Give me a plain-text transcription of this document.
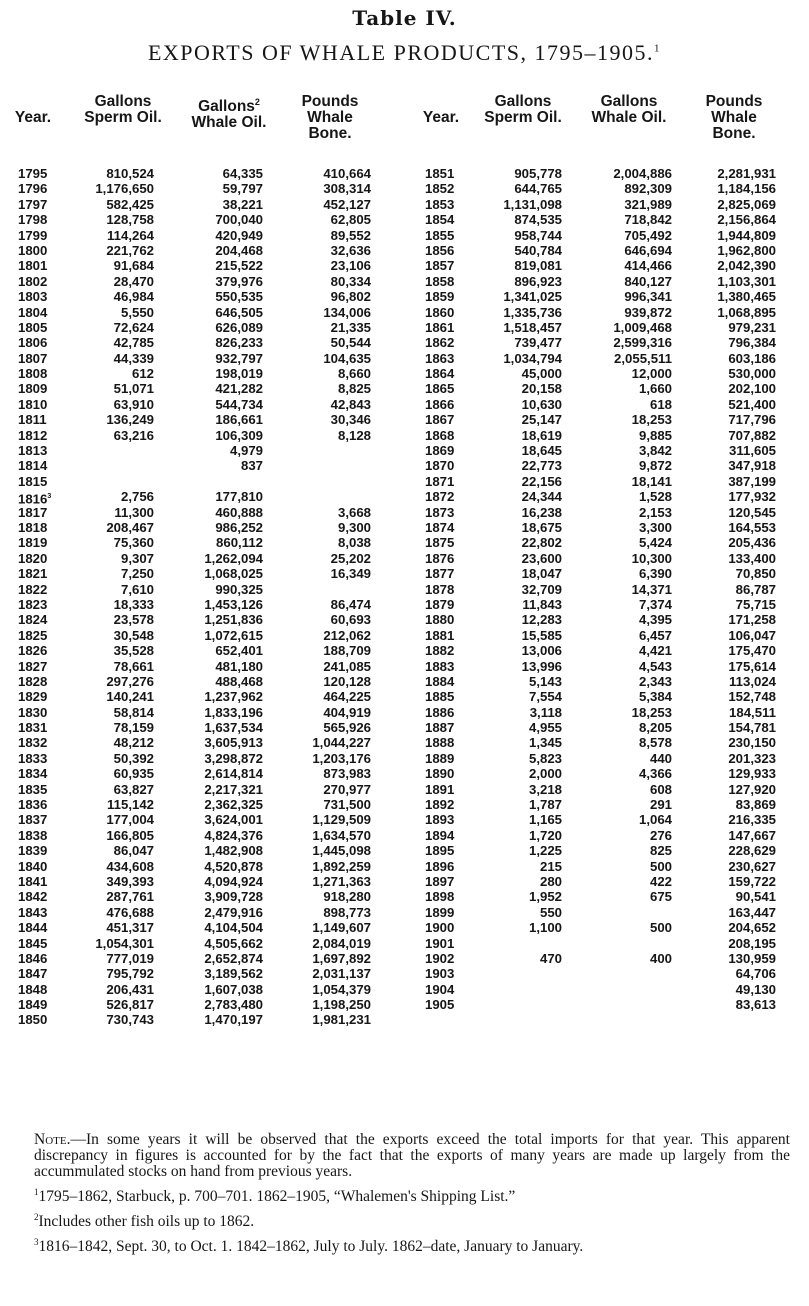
Table IV.
EXPORTS OF WHALE PRODUCTS, 1795–1905.$^1$
Year.
Gallons
Sperm Oil.
Gallons$^2$
Whale Oil.
Pounds
Whale
Bone.
Year.
Gallons
Sperm Oil.
Gallons
Whale Oil.
Pounds
Whale
Bone.
1795
1796
1797
1798
1799
1800
1801
1802
1803
1804
1805
1806
1807
1808
1809
1810
1811
1812
1813
1814
1815
1816$^3$
1817
1818
1819
1820
1821
1822
1823
1824
1825
1826
1827
1828
1829
1830
1831
1832
1833
1834
1835
1836
1837
1838
1839
1840
1841
1842
1843
1844
1845
1846
1847
1848
1849
1850
810,524
1,176,650
582,425
128,758
114,264
221,762
91,684
28,470
46,984
5,550
72,624
42,785
44,339
612
51,071
63,910
136,249
63,216
2,756
11,300
208,467
75,360
9,307
7,250
7,610
18,333
23,578
30,548
35,528
78,661
297,276
140,241
58,814
78,159
48,212
50,392
60,935
63,827
115,142
177,004
166,805
86,047
434,608
349,393
287,761
476,688
451,317
1,054,301
777,019
795,792
206,431
526,817
730,743
64,335
59,797
38,221
700,040
420,949
204,468
215,522
379,976
550,535
646,505
626,089
826,233
932,797
198,019
421,282
544,734
186,661
106,309
4,979
837
177,810
460,888
986,252
860,112
1,262,094
1,068,025
990,325
1,453,126
1,251,836
1,072,615
652,401
481,180
488,468
1,237,962
1,833,196
1,637,534
3,605,913
3,298,872
2,614,814
2,217,321
2,362,325
3,624,001
4,824,376
1,482,908
4,520,878
4,094,924
3,909,728
2,479,916
4,104,504
4,505,662
2,652,874
3,189,562
1,607,038
2,783,480
1,470,197
410,664
308,314
452,127
62,805
89,552
32,636
23,106
80,334
96,802
134,006
21,335
50,544
104,635
8,660
8,825
42,843
30,346
8,128
3,668
9,300
8,038
25,202
16,349
86,474
60,693
212,062
188,709
241,085
120,128
464,225
404,919
565,926
1,044,227
1,203,176
873,983
270,977
731,500
1,129,509
1,634,570
1,445,098
1,892,259
1,271,363
918,280
898,773
1,149,607
2,084,019
1,697,892
2,031,137
1,054,379
1,198,250
1,981,231
1851
1852
1853
1854
1855
1856
1857
1858
1859
1860
1861
1862
1863
1864
1865
1866
1867
1868
1869
1870
1871
1872
1873
1874
1875
1876
1877
1878
1879
1880
1881
1882
1883
1884
1885
1886
1887
1888
1889
1890
1891
1892
1893
1894
1895
1896
1897
1898
1899
1900
1901
1902
1903
1904
1905
905,778
644,765
1,131,098
874,535
958,744
540,784
819,081
896,923
1,341,025
1,335,736
1,518,457
739,477
1,034,794
45,000
20,158
10,630
25,147
18,619
18,645
22,773
22,156
24,344
16,238
18,675
22,802
23,600
18,047
32,709
11,843
12,283
15,585
13,006
13,996
5,143
7,554
3,118
4,955
1,345
5,823
2,000
3,218
1,787
1,165
1,720
1,225
215
280
1,952
550
1,100
470
2,004,886
892,309
321,989
718,842
705,492
646,694
414,466
840,127
996,341
939,872
1,009,468
2,599,316
2,055,511
12,000
1,660
618
18,253
9,885
3,842
9,872
18,141
1,528
2,153
3,300
5,424
10,300
6,390
14,371
7,374
4,395
6,457
4,421
4,543
2,343
5,384
18,253
8,205
8,578
440
4,366
608
291
1,064
276
825
500
422
675
500
400
2,281,931
1,184,156
2,825,069
2,156,864
1,944,809
1,962,800
2,042,390
1,103,301
1,380,465
1,068,895
979,231
796,384
603,186
530,000
202,100
521,400
717,796
707,882
311,605
347,918
387,199
177,932
120,545
164,553
205,436
133,400
70,850
86,787
75,715
171,258
106,047
175,470
175,614
113,024
152,748
184,511
154,781
230,150
201,323
129,933
127,920
83,869
216,335
147,667
228,629
230,627
159,722
90,541
163,447
204,652
208,195
130,959
64,706
49,130
83,613

Note.—In some years it will be observed that the exports exceed the total imports for that year. This apparent discrepancy in figures is accounted for by the fact that the exports of many years are made up largely from the accummulated stocks on hand from previous years.

$^1$1795–1862, Starbuck, p. 700–701. 1862–1905, “Whalemen's Shipping List.”

$^2$Includes other fish oils up to 1862.

$^3$1816–1842, Sept. 30, to Oct. 1. 1842–1862, July to July. 1862–date, January to January.
